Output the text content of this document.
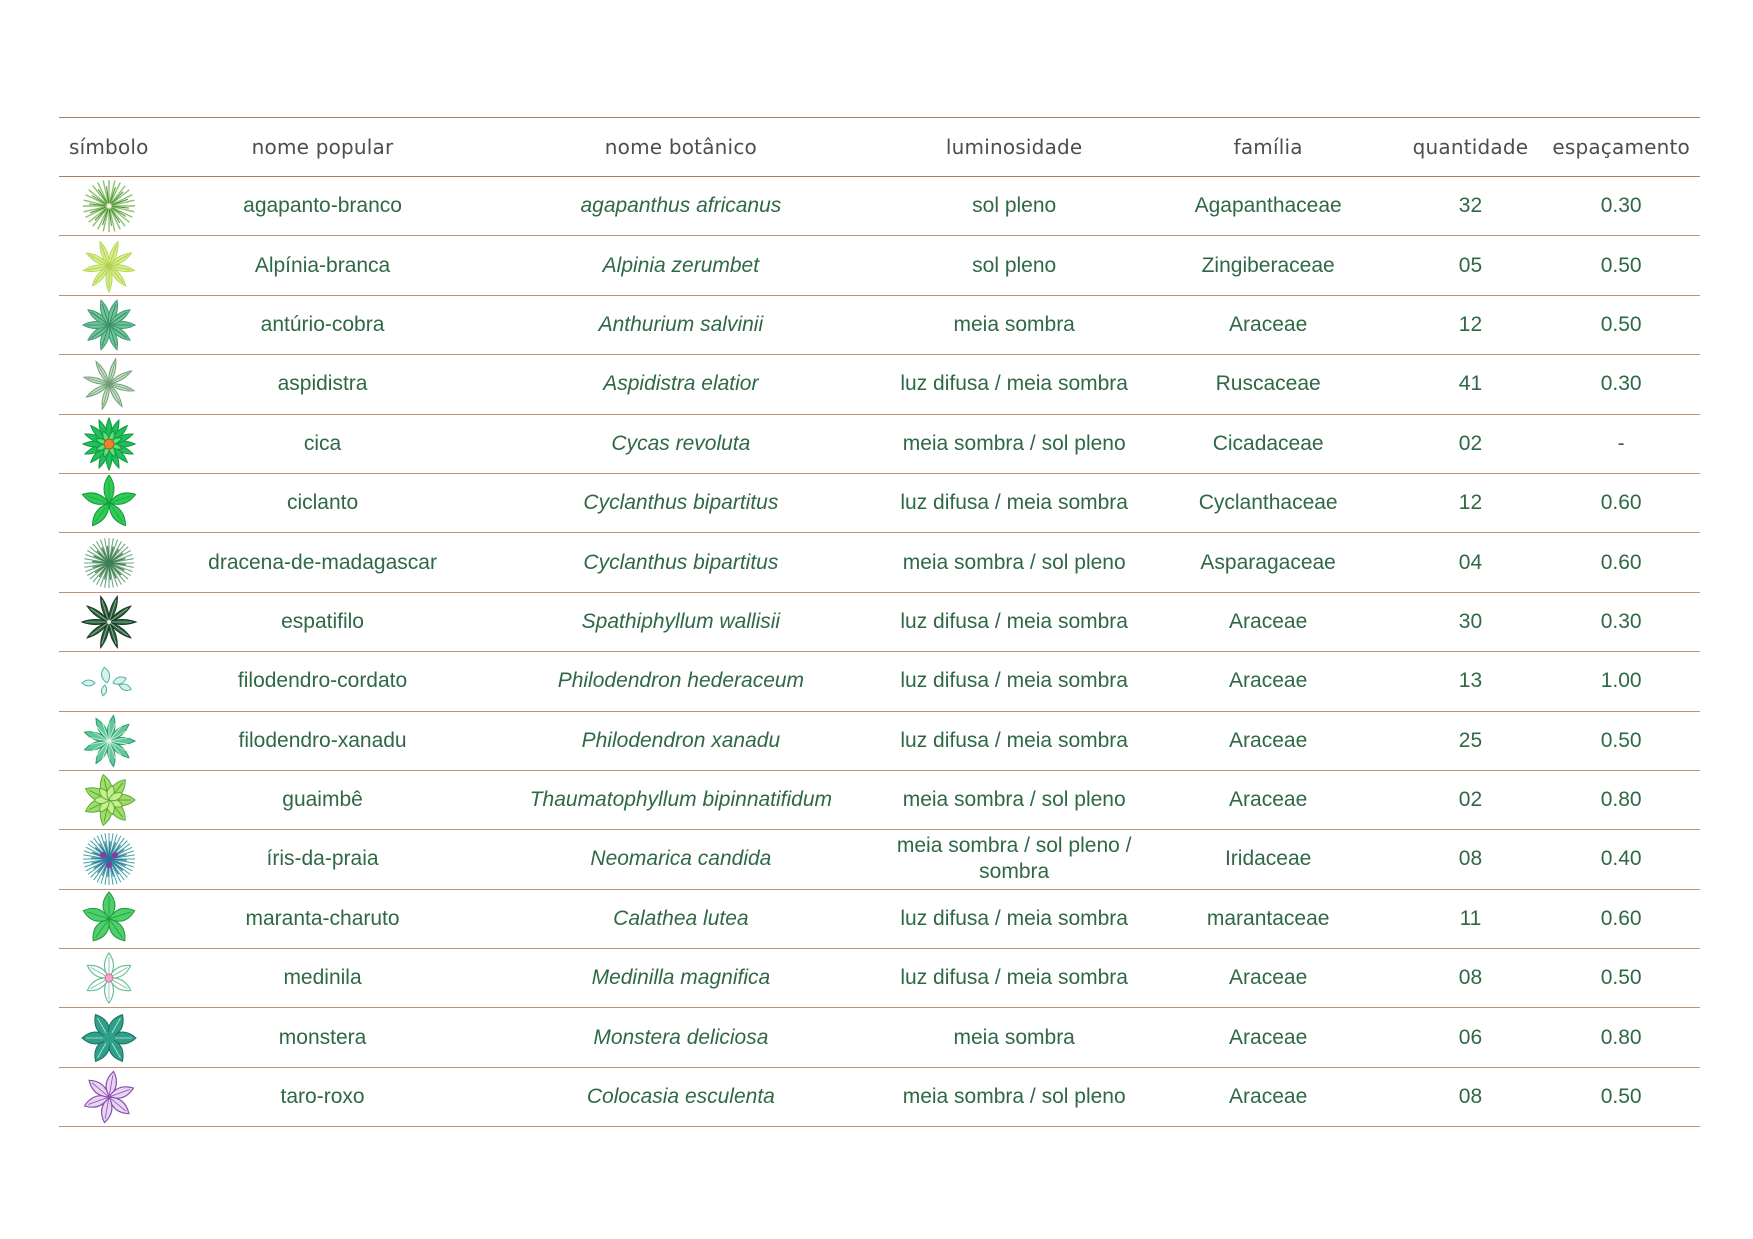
símbolo	nome popular	nome botânico	luminosidade	família	quantidade	espaçamento

	agapanto-branco	agapanthus africanus	sol pleno	Agapanthaceae	32	0.30

	Alpínia-branca	Alpinia zerumbet	sol pleno	Zingiberaceae	05	0.50

	antúrio-cobra	Anthurium salvinii	meia sombra	Araceae	12	0.50

	aspidistra	Aspidistra elatior	luz difusa / meia sombra	Ruscaceae	41	0.30

	cica	Cycas revoluta	meia sombra / sol pleno	Cicadaceae	02	-

	ciclanto	Cyclanthus bipartitus	luz difusa / meia sombra	Cyclanthaceae	12	0.60

	dracena-de-madagascar	Cyclanthus bipartitus	meia sombra / sol pleno	Asparagaceae	04	0.60

	espatifilo	Spathiphyllum wallisii	luz difusa / meia sombra	Araceae	30	0.30

	filodendro-cordato	Philodendron hederaceum	luz difusa / meia sombra	Araceae	13	1.00

	filodendro-xanadu	Philodendron xanadu	luz difusa / meia sombra	Araceae	25	0.50

	guaimbê	Thaumatophyllum bipinnatifidum	meia sombra / sol pleno	Araceae	02	0.80

	íris-da-praia	Neomarica candida	meia sombra / sol pleno / sombra	Iridaceae	08	0.40

	maranta-charuto	Calathea lutea	luz difusa / meia sombra	marantaceae	11	0.60

	medinila	Medinilla magnifica	luz difusa / meia sombra	Araceae	08	0.50

	monstera	Monstera deliciosa	meia sombra	Araceae	06	0.80

	taro-roxo	Colocasia esculenta	meia sombra / sol pleno	Araceae	08	0.50
